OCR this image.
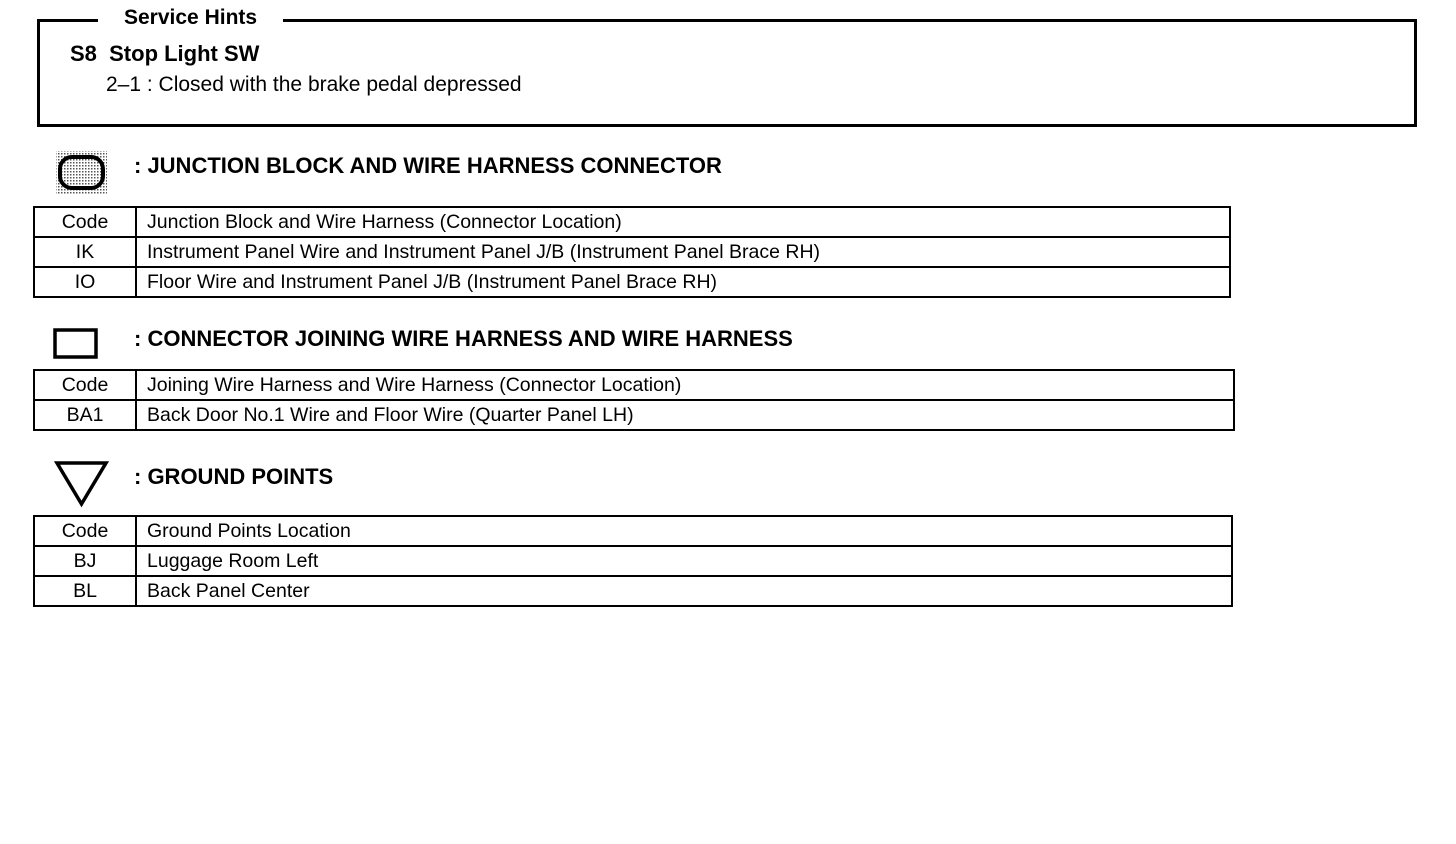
Service Hints
S8  Stop Light SW
2–1 : Closed with the brake pedal depressed
: JUNCTION BLOCK AND WIRE HARNESS CONNECTOR
Code	Junction Block and Wire Harness (Connector Location)
IK	Instrument Panel Wire and Instrument Panel J/B (Instrument Panel Brace RH)
IO	Floor Wire and Instrument Panel J/B (Instrument Panel Brace RH)
: CONNECTOR JOINING WIRE HARNESS AND WIRE HARNESS
Code	Joining Wire Harness and Wire Harness (Connector Location)
BA1	Back Door No.1 Wire and Floor Wire (Quarter Panel LH)
: GROUND POINTS
Code	Ground Points Location
BJ	Luggage Room Left
BL	Back Panel Center
